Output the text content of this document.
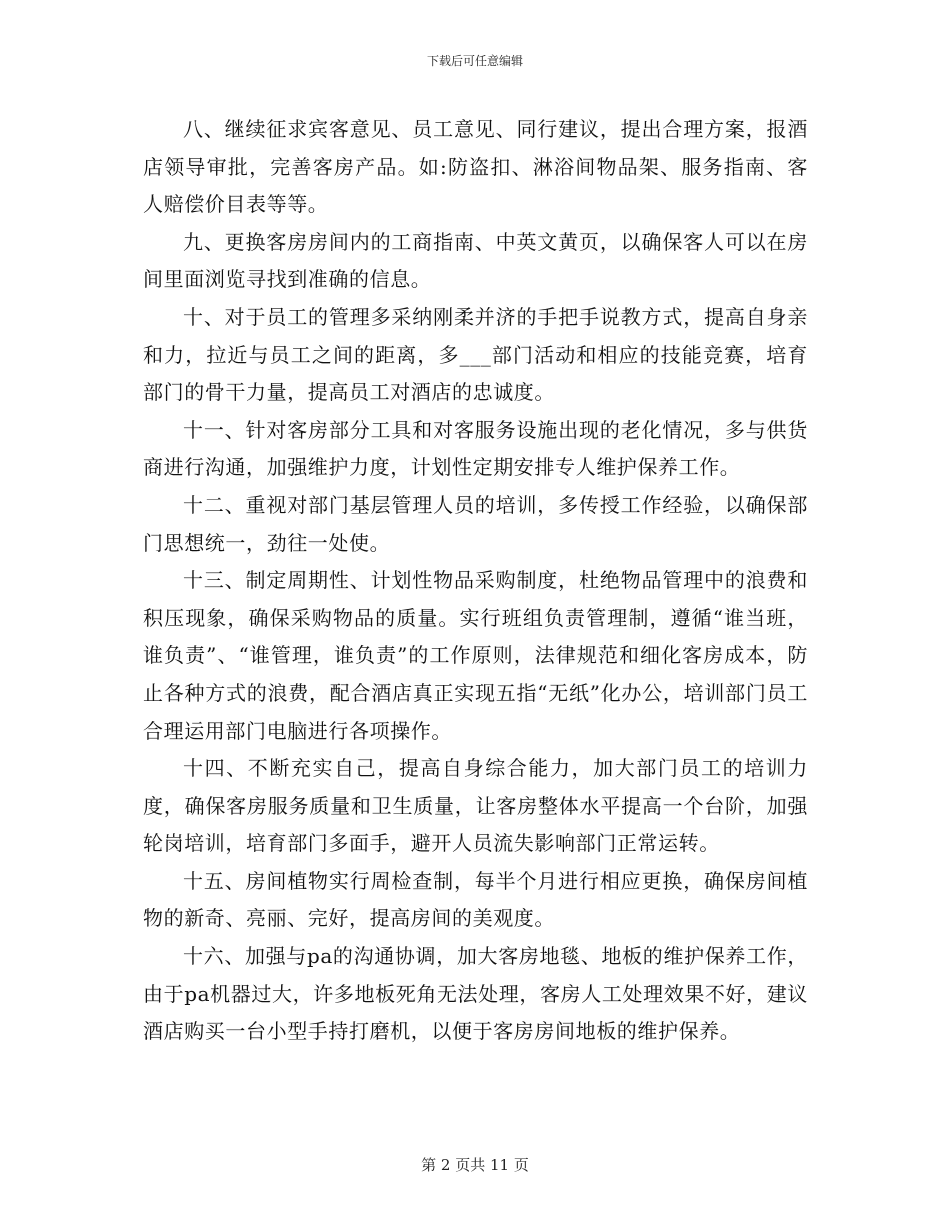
下载后可任意编辑

八、继续征求宾客意见、员工意见、同行建议，提出合理方案，报酒店领导审批，完善客房产品。如:防盗扣、淋浴间物品架、服务指南、客人赔偿价目表等等。

九、更换客房房间内的工商指南、中英文黄页，以确保客人可以在房间里面浏览寻找到准确的信息。

十、对于员工的管理多采纳刚柔并济的手把手说教方式，提高自身亲和力，拉近与员工之间的距离，多___部门活动和相应的技能竞赛，培育部门的骨干力量，提高员工对酒店的忠诚度。

十一、针对客房部分工具和对客服务设施出现的老化情况，多与供货商进行沟通，加强维护力度，计划性定期安排专人维护保养工作。

十二、重视对部门基层管理人员的培训，多传授工作经验，以确保部门思想统一，劲往一处使。

十三、制定周期性、计划性物品采购制度，杜绝物品管理中的浪费和积压现象，确保采购物品的质量。实行班组负责管理制，遵循“谁当班，谁负责”、“谁管理，谁负责”的工作原则，法律规范和细化客房成本，防止各种方式的浪费，配合酒店真正实现五指“无纸”化办公，培训部门员工合理运用部门电脑进行各项操作。

十四、不断充实自己，提高自身综合能力，加大部门员工的培训力度，确保客房服务质量和卫生质量，让客房整体水平提高一个台阶，加强轮岗培训，培育部门多面手，避开人员流失影响部门正常运转。

十五、房间植物实行周检查制，每半个月进行相应更换，确保房间植物的新奇、亮丽、完好，提高房间的美观度。

十六、加强与pa的沟通协调，加大客房地毯、地板的维护保养工作，由于pa机器过大，许多地板死角无法处理，客房人工处理效果不好，建议酒店购买一台小型手持打磨机，以便于客房房间地板的维护保养。

第 2 页共 11 页
